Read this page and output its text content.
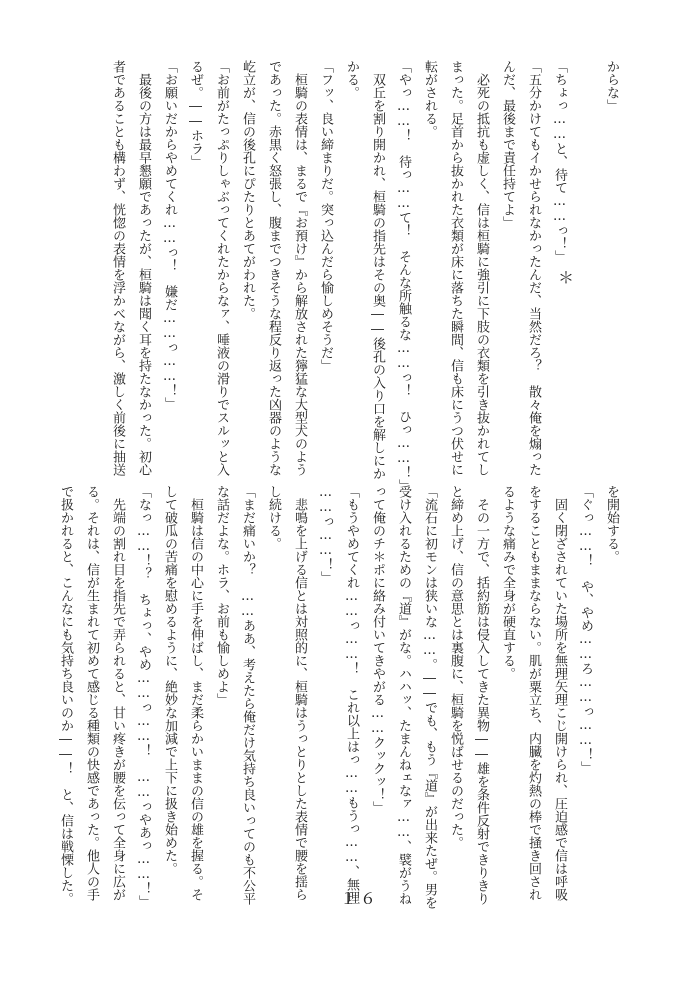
からな」

「ちょっ……と、待て……っ！」
「五分かけてもイかせられなかったんだ、当然だろ？　散々俺を煽った
んだ、最後まで責任持てよ」
　必死の抵抗も虚しく、信は桓騎に強引に下肢の衣類を引き抜かれてし
まった。足首から抜かれた衣類が床に落ちた瞬間、信も床にうつ伏せに
転がされる。
「やっ……！　待っ……て！　そんな所触るな……っ！　ひっ……！」
　双丘を割り開かれ、桓騎の指先はその奥――後孔の入り口を解しにか
かる。
「フッ、良い締まりだ。突っ込んだら愉しめそうだ」
　桓騎の表情は、まるで『お預け』から解放された獰猛な大型犬のよう
であった。赤黒く怒張し、腹までつきそうな程反り返った凶器のような
屹立が、信の後孔にぴたりとあてがわれた。
「お前がたっぷりしゃぶってくれたからなァ、唾液の滑りでスルッと入
るぜ。――ホラ」
「お願いだからやめてくれ……っ！　嫌だ……っ……！」
　最後の方は最早懇願であったが、桓騎は聞く耳を持たなかった。初心
者であることも構わず、恍惚の表情を浮かべながら、激しく前後に抽送	＊
を開始する。
「ぐっ……！　や、やめ……ろ……っ……！」
　固く閉ざされていた場所を無理矢理こじ開けられ、圧迫感で信は呼吸
をすることもままならない。肌が粟立ち、内臓を灼熱の棒で掻き回され
るような痛みで全身が硬直する。
　その一方で、括約筋は侵入してきた異物――雄を条件反射できりきり
と締め上げ、信の意思とは裏腹に、桓騎を悦ばせるのだった。
「流石に初モンは狭いな……。――でも、もう『道』が出来たぜ。男を
受け入れるための『道』がな。ハハッ、たまんねェなァ……、襞がうね
って俺のチ＊ポに絡み付いてきやがる……クックッ！」
「もうやめてくれ……っ……！　これ以上はっ……もうっ……、無理
……っ……！」
　悲鳴を上げる信とは対照的に、桓騎はうっとりとした表情で腰を揺ら
し続ける。
「まだ痛いか？　……ああ、考えたら俺だけ気持ち良いってのも不公平
な話だよな。ホラ、お前も愉しめよ」
　桓騎は信の中心に手を伸ばし、まだ柔らかいままの信の雄を握る。そ
して破瓜の苦痛を慰めるように、絶妙な加減で上下に扱き始めた。
「なっ……！？　ちょっ、やめ……っ……！　……っやあっ……！」
　先端の割れ目を指先で弄られると、甘い疼きが腰を伝って全身に広が
る。それは、信が生まれて初めて感じる種類の快感であった。他人の手
で扱かれると、こんなにも気持ち良いのか――！　と、信は戦慄した。	１６
